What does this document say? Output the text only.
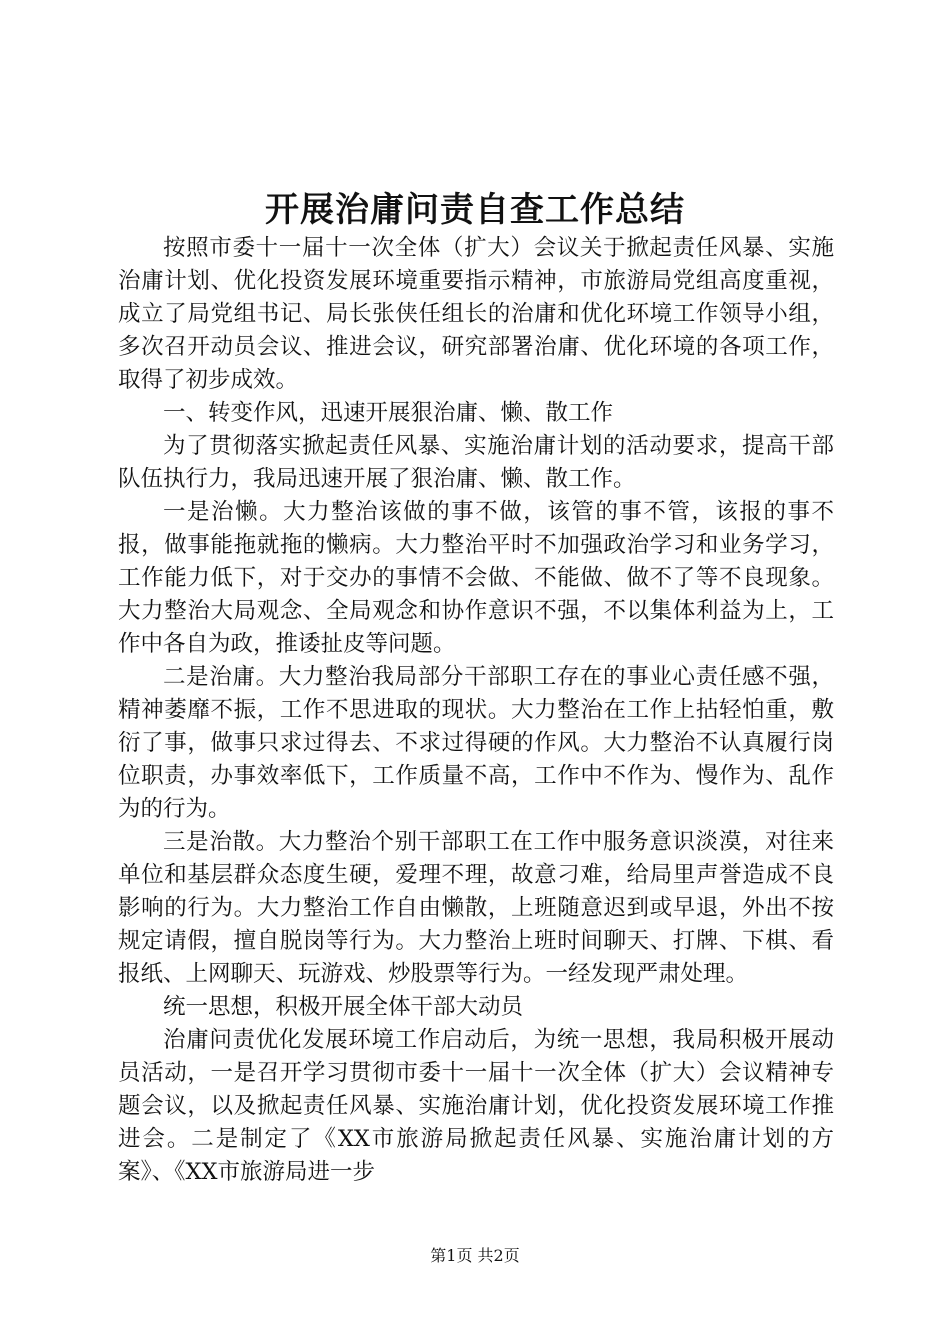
开展治庸问责自查工作总结

按照市委十一届十一次全体（扩大）会议关于掀起责任风暴、实施治庸计划、优化投资发展环境重要指示精神，市旅游局党组高度重视，成立了局党组书记、局长张侠任组长的治庸和优化环境工作领导小组，多次召开动员会议、推进会议，研究部署治庸、优化环境的各项工作，取得了初步成效。

一、转变作风，迅速开展狠治庸、懒、散工作

为了贯彻落实掀起责任风暴、实施治庸计划的活动要求，提高干部队伍执行力，我局迅速开展了狠治庸、懒、散工作。

一是治懒。大力整治该做的事不做，该管的事不管，该报的事不报，做事能拖就拖的懒病。大力整治平时不加强政治学习和业务学习，工作能力低下，对于交办的事情不会做、不能做、做不了等不良现象。大力整治大局观念、全局观念和协作意识不强，不以集体利益为上，工作中各自为政，推诿扯皮等问题。

二是治庸。大力整治我局部分干部职工存在的事业心责任感不强，精神萎靡不振，工作不思进取的现状。大力整治在工作上拈轻怕重，敷衍了事，做事只求过得去、不求过得硬的作风。大力整治不认真履行岗位职责，办事效率低下，工作质量不高，工作中不作为、慢作为、乱作为的行为。

三是治散。大力整治个别干部职工在工作中服务意识淡漠，对往来单位和基层群众态度生硬，爱理不理，故意刁难，给局里声誉造成不良影响的行为。大力整治工作自由懒散，上班随意迟到或早退，外出不按规定请假，擅自脱岗等行为。大力整治上班时间聊天、打牌、下棋、看报纸、上网聊天、玩游戏、炒股票等行为。一经发现严肃处理。

统一思想，积极开展全体干部大动员

治庸问责优化发展环境工作启动后，为统一思想，我局积极开展动员活动，一是召开学习贯彻市委十一届十一次全体（扩大）会议精神专题会议，以及掀起责任风暴、实施治庸计划，优化投资发展环境工作推进会。二是制定了《XX市旅游局掀起责任风暴、实施治庸计划的方案》、《XX市旅游局进一步

第1页 共2页
